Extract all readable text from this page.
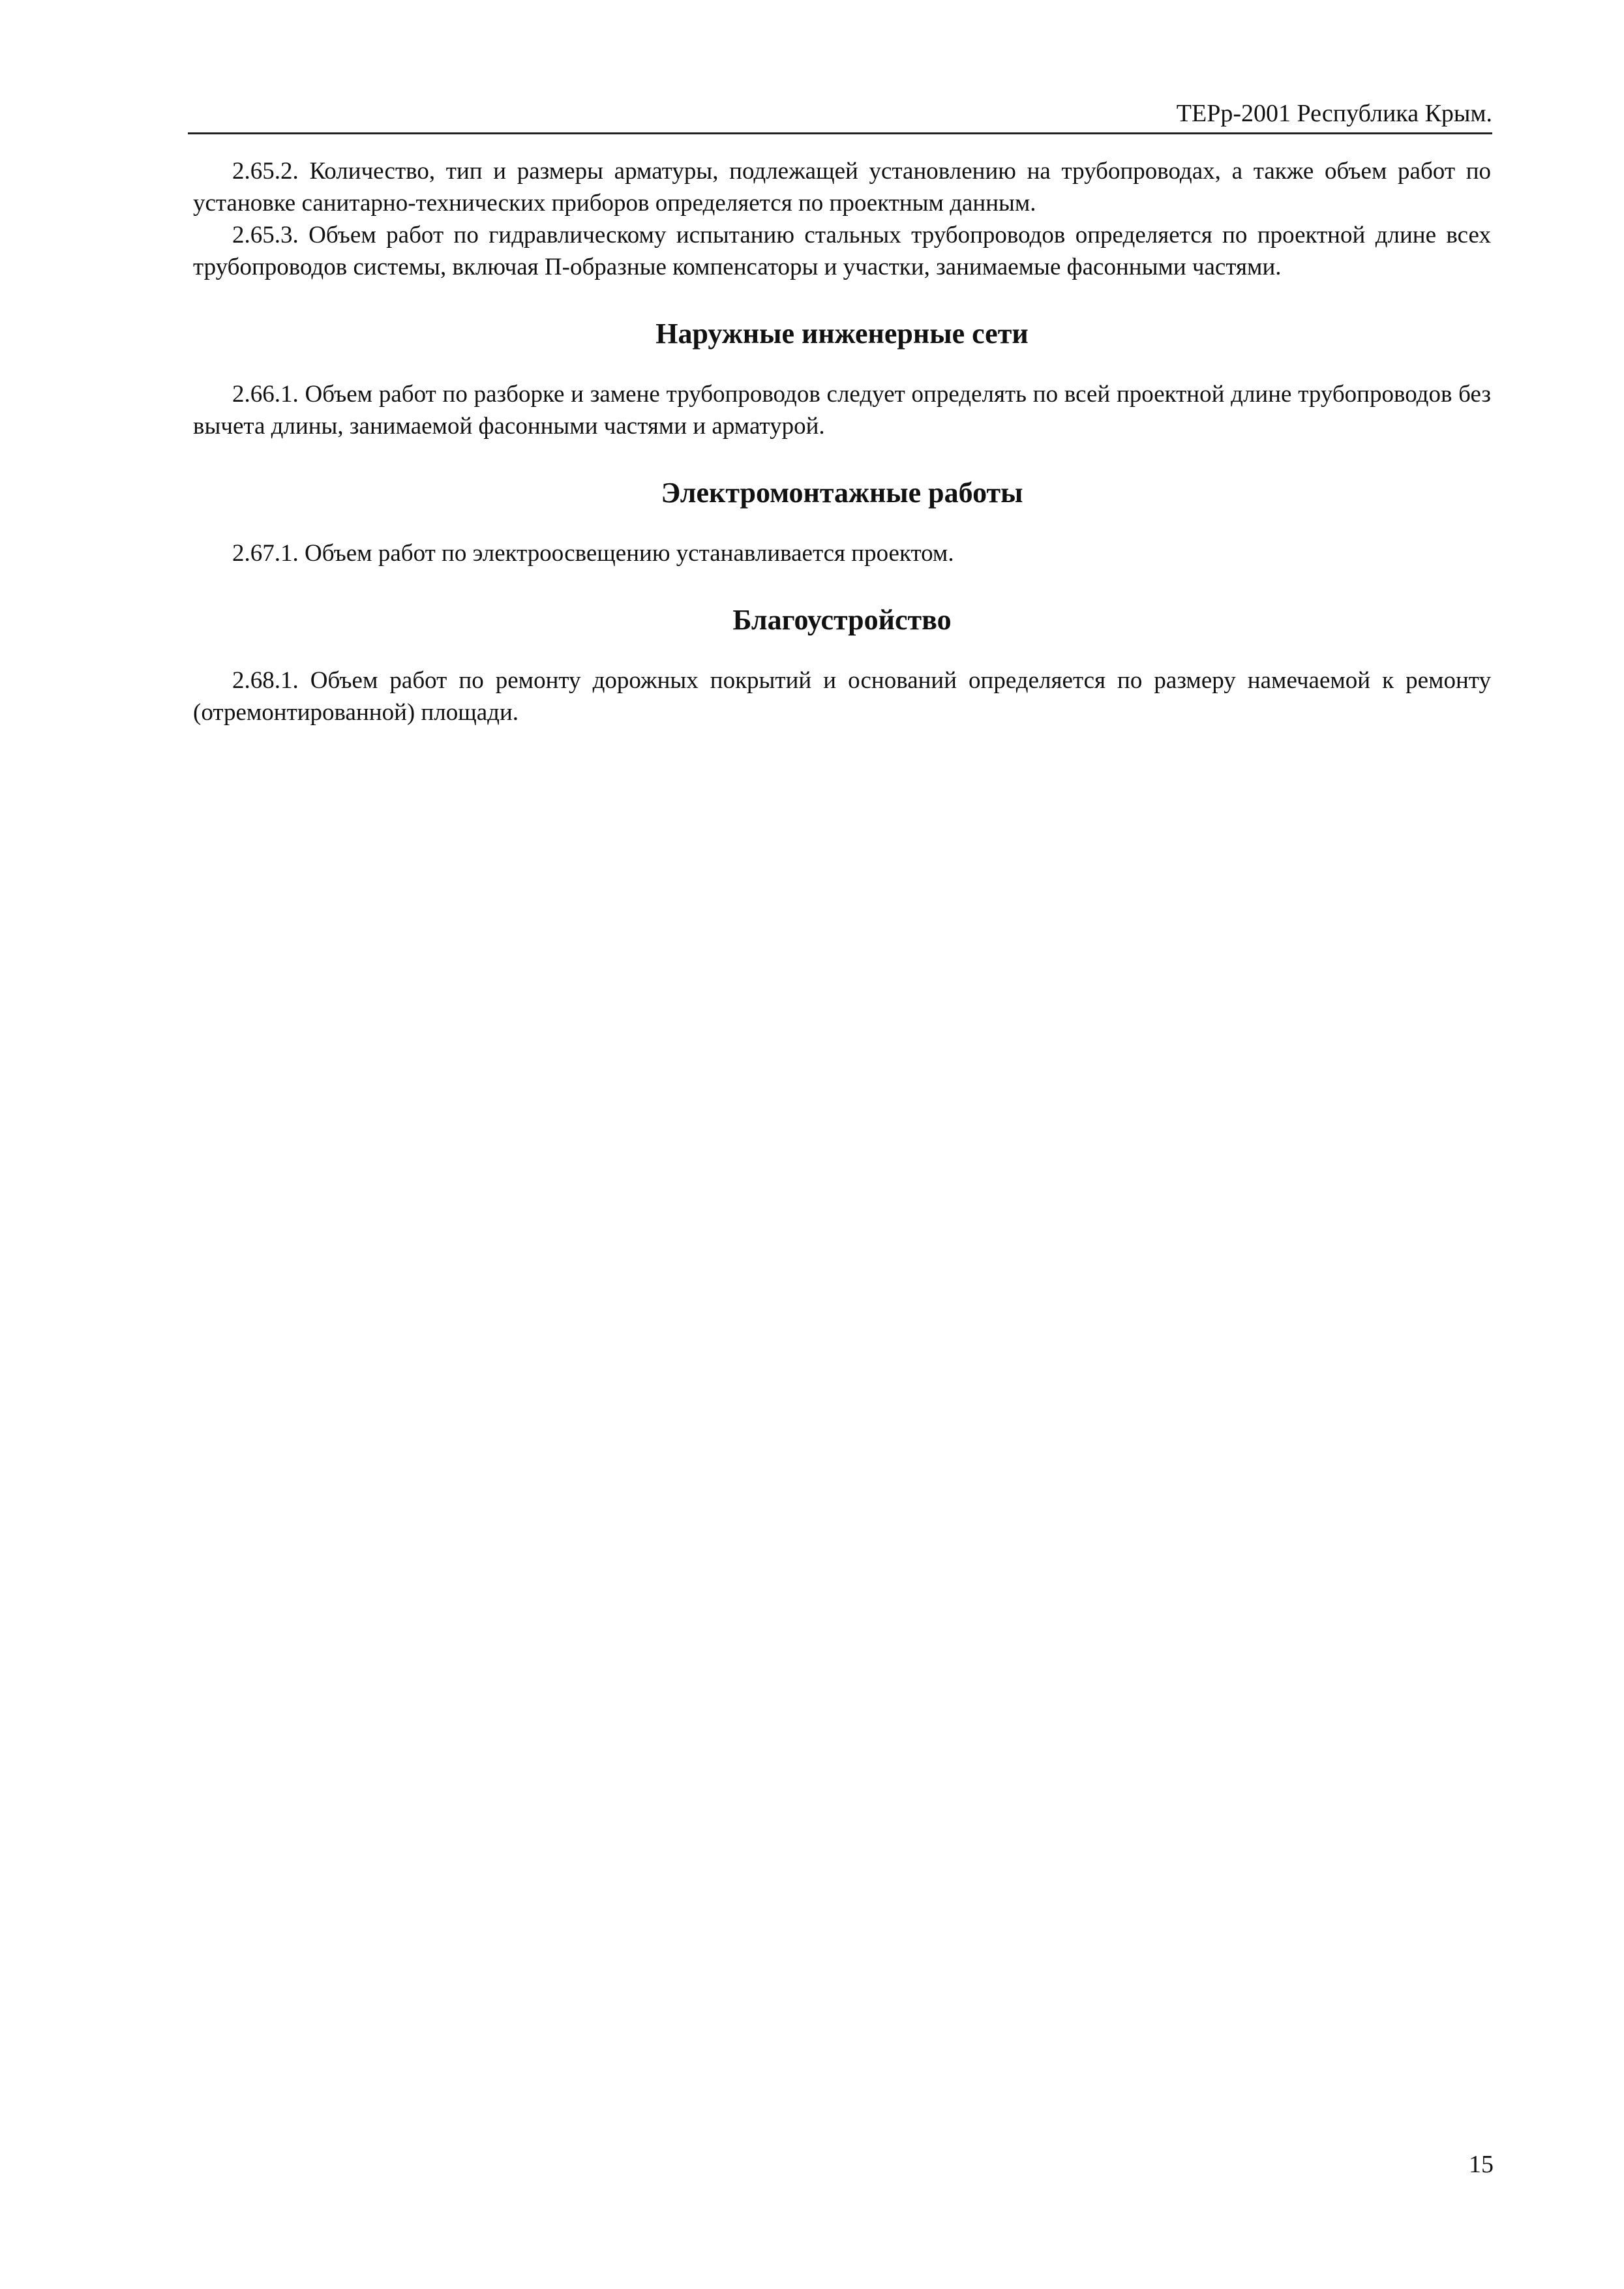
ТЕРр-2001 Республика Крым.

2.65.2. Количество, тип и размеры арматуры, подлежащей установлению на трубопроводах, а также объем работ по установке санитарно-технических приборов определяется по проектным данным.

2.65.3. Объем работ по гидравлическому испытанию стальных трубопроводов определяется по проектной длине всех трубопроводов системы, включая П-образные компенсаторы и участки, занимаемые фасонными частями.

Наружные инженерные сети

2.66.1. Объем работ по разборке и замене трубопроводов следует определять по всей проектной длине трубопроводов без вычета длины, занимаемой фасонными частями и арматурой.

Электромонтажные работы

2.67.1. Объем работ по электроосвещению устанавливается проектом.

Благоустройство

2.68.1. Объем работ по ремонту дорожных покрытий и оснований определяется по размеру намечаемой к ремонту (отремонтированной) площади.

15
